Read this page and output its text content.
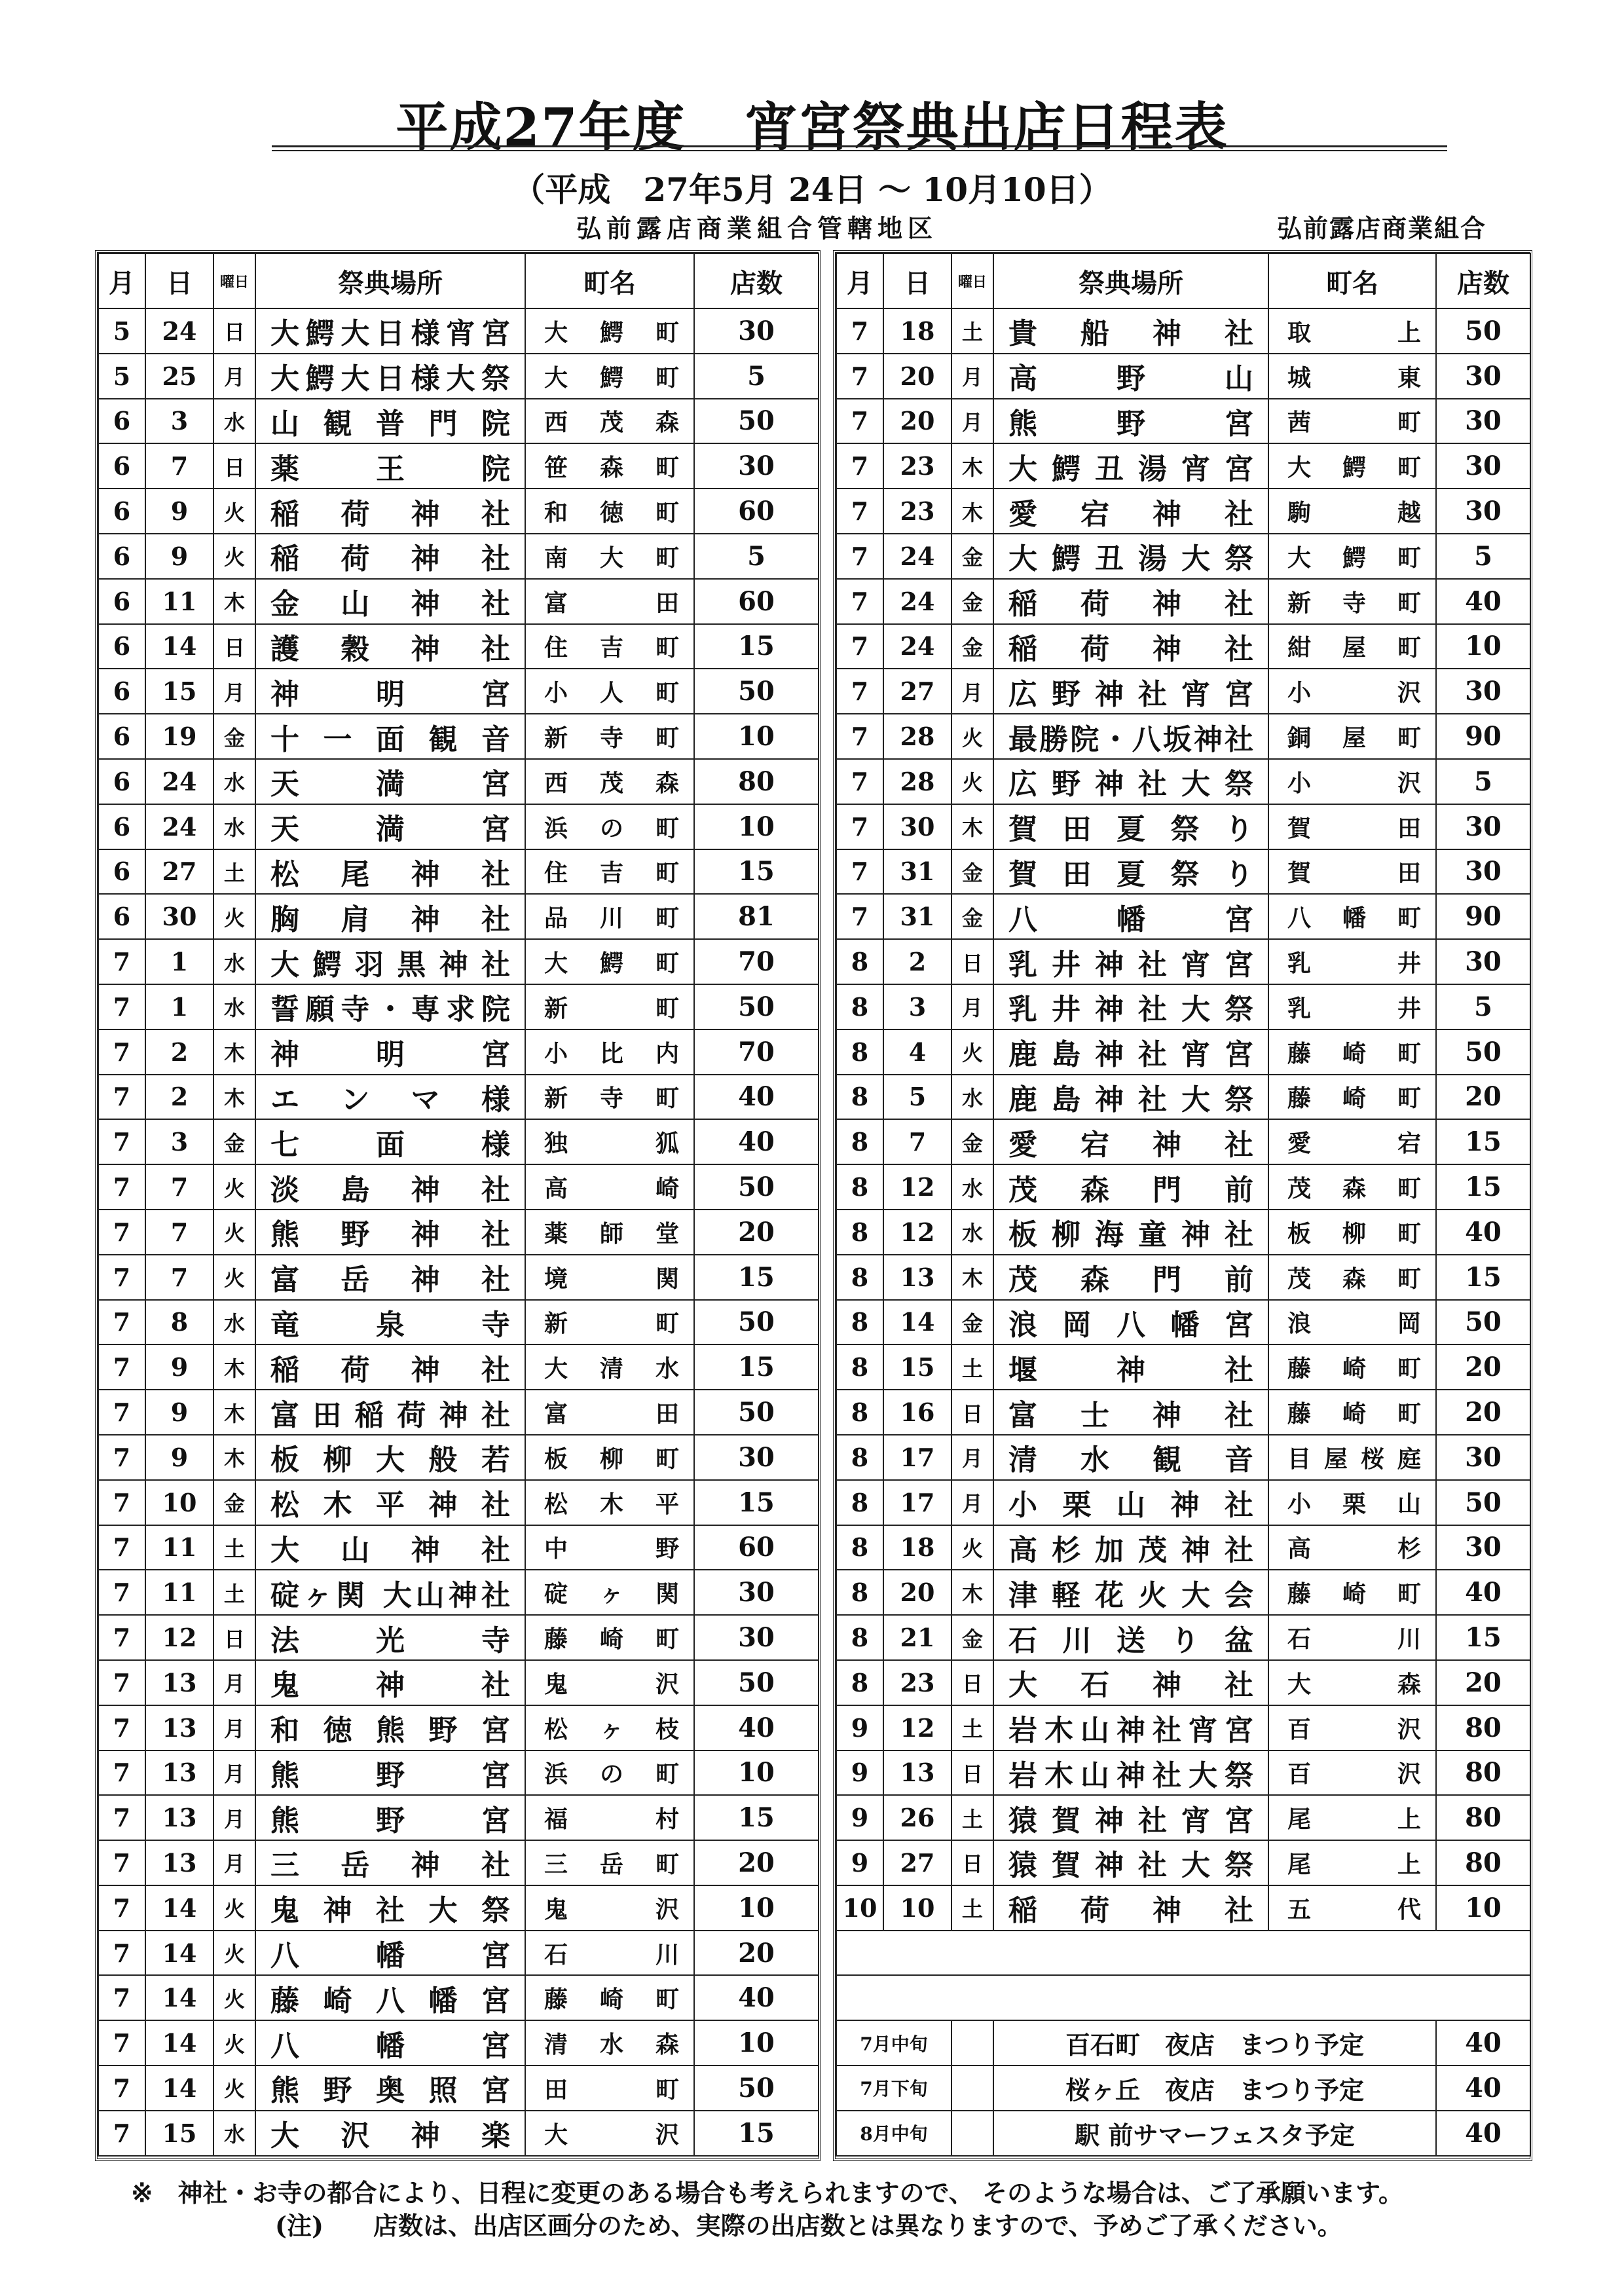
平成27年度 宵宮祭典出店日程表
（平成　27年5月 24日 ～ 10月10日）
弘前露店商業組合管轄地区	弘前露店商業組合
月	日	曜日	祭典場所	町名	店数
5	24	日	大鰐大日様宵宮	大鰐町	30
5	25	月	大鰐大日様大祭	大鰐町	5
6	3	水	山観普門院	西茂森	50
6	7	日	薬王院	笹森町	30
6	9	火	稲荷神社	和徳町	60
6	9	火	稲荷神社	南大町	5
6	11	木	金山神社	富田	60
6	14	日	護穀神社	住吉町	15
6	15	月	神明宮	小人町	50
6	19	金	十一面観音	新寺町	10
6	24	水	天満宮	西茂森	80
6	24	水	天満宮	浜の町	10
6	27	土	松尾神社	住吉町	15
6	30	火	胸肩神社	品川町	81
7	1	水	大鰐羽黒神社	大鰐町	70
7	1	水	誓願寺・専求院	新町	50
7	2	木	神明宮	小比内	70
7	2	木	エンマ様	新寺町	40
7	3	金	七面様	独狐	40
7	7	火	淡島神社	高崎	50
7	7	火	熊野神社	薬師堂	20
7	7	火	富岳神社	境関	15
7	8	水	竜泉寺	新町	50
7	9	木	稲荷神社	大清水	15
7	9	木	富田稲荷神社	富田	50
7	9	木	板柳大般若	板柳町	30
7	10	金	松木平神社	松木平	15
7	11	土	大山神社	中野	60
7	11	土	碇ヶ関 大山神社	碇ヶ関	30
7	12	日	法光寺	藤崎町	30
7	13	月	鬼神社	鬼沢	50
7	13	月	和徳熊野宮	松ヶ枝	40
7	13	月	熊野宮	浜の町	10
7	13	月	熊野宮	福村	15
7	13	月	三岳神社	三岳町	20
7	14	火	鬼神社大祭	鬼沢	10
7	14	火	八幡宮	石川	20
7	14	火	藤崎八幡宮	藤崎町	40
7	14	火	八幡宮	清水森	10
7	14	火	熊野奥照宮	田町	50
7	15	水	大沢神楽	大沢	15
月	日	曜日	祭典場所	町名	店数
7	18	土	貴船神社	取上	50
7	20	月	高野山	城東	30
7	20	月	熊野宮	茜町	30
7	23	木	大鰐丑湯宵宮	大鰐町	30
7	23	木	愛宕神社	駒越	30
7	24	金	大鰐丑湯大祭	大鰐町	5
7	24	金	稲荷神社	新寺町	40
7	24	金	稲荷神社	紺屋町	10
7	27	月	広野神社宵宮	小沢	30
7	28	火	最勝院・八坂神社	銅屋町	90
7	28	火	広野神社大祭	小沢	5
7	30	木	賀田夏祭り	賀田	30
7	31	金	賀田夏祭り	賀田	30
7	31	金	八幡宮	八幡町	90
8	2	日	乳井神社宵宮	乳井	30
8	3	月	乳井神社大祭	乳井	5
8	4	火	鹿島神社宵宮	藤崎町	50
8	5	水	鹿島神社大祭	藤崎町	20
8	7	金	愛宕神社	愛宕	15
8	12	水	茂森門前	茂森町	15
8	12	水	板柳海童神社	板柳町	40
8	13	木	茂森門前	茂森町	15
8	14	金	浪岡八幡宮	浪岡	50
8	15	土	堰神社	藤崎町	20
8	16	日	富士神社	藤崎町	20
8	17	月	清水観音	目屋桜庭	30
8	17	月	小栗山神社	小栗山	50
8	18	火	高杉加茂神社	高杉	30
8	20	木	津軽花火大会	藤崎町	40
8	21	金	石川送り盆	石川	15
8	23	日	大石神社	大森	20
9	12	土	岩木山神社宵宮	百沢	80
9	13	日	岩木山神社大祭	百沢	80
9	26	土	猿賀神社宵宮	尾上	80
9	27	日	猿賀神社大祭	尾上	80
10	10	土	稲荷神社	五代	10

7月中旬			百石町　夜店　まつり予定		40
7月下旬			桜ヶ丘　夜店　まつり予定		40
8月中旬			駅 前サマーフェスタ予定		40
※　 神社・お寺の都合により、日程に変更のある場合も考えられますので、 そのような場合は、ご了承願います。
(注)　　 店数は、出店区画分のため、実際の出店数とは異なりますので、予めご了承ください。
